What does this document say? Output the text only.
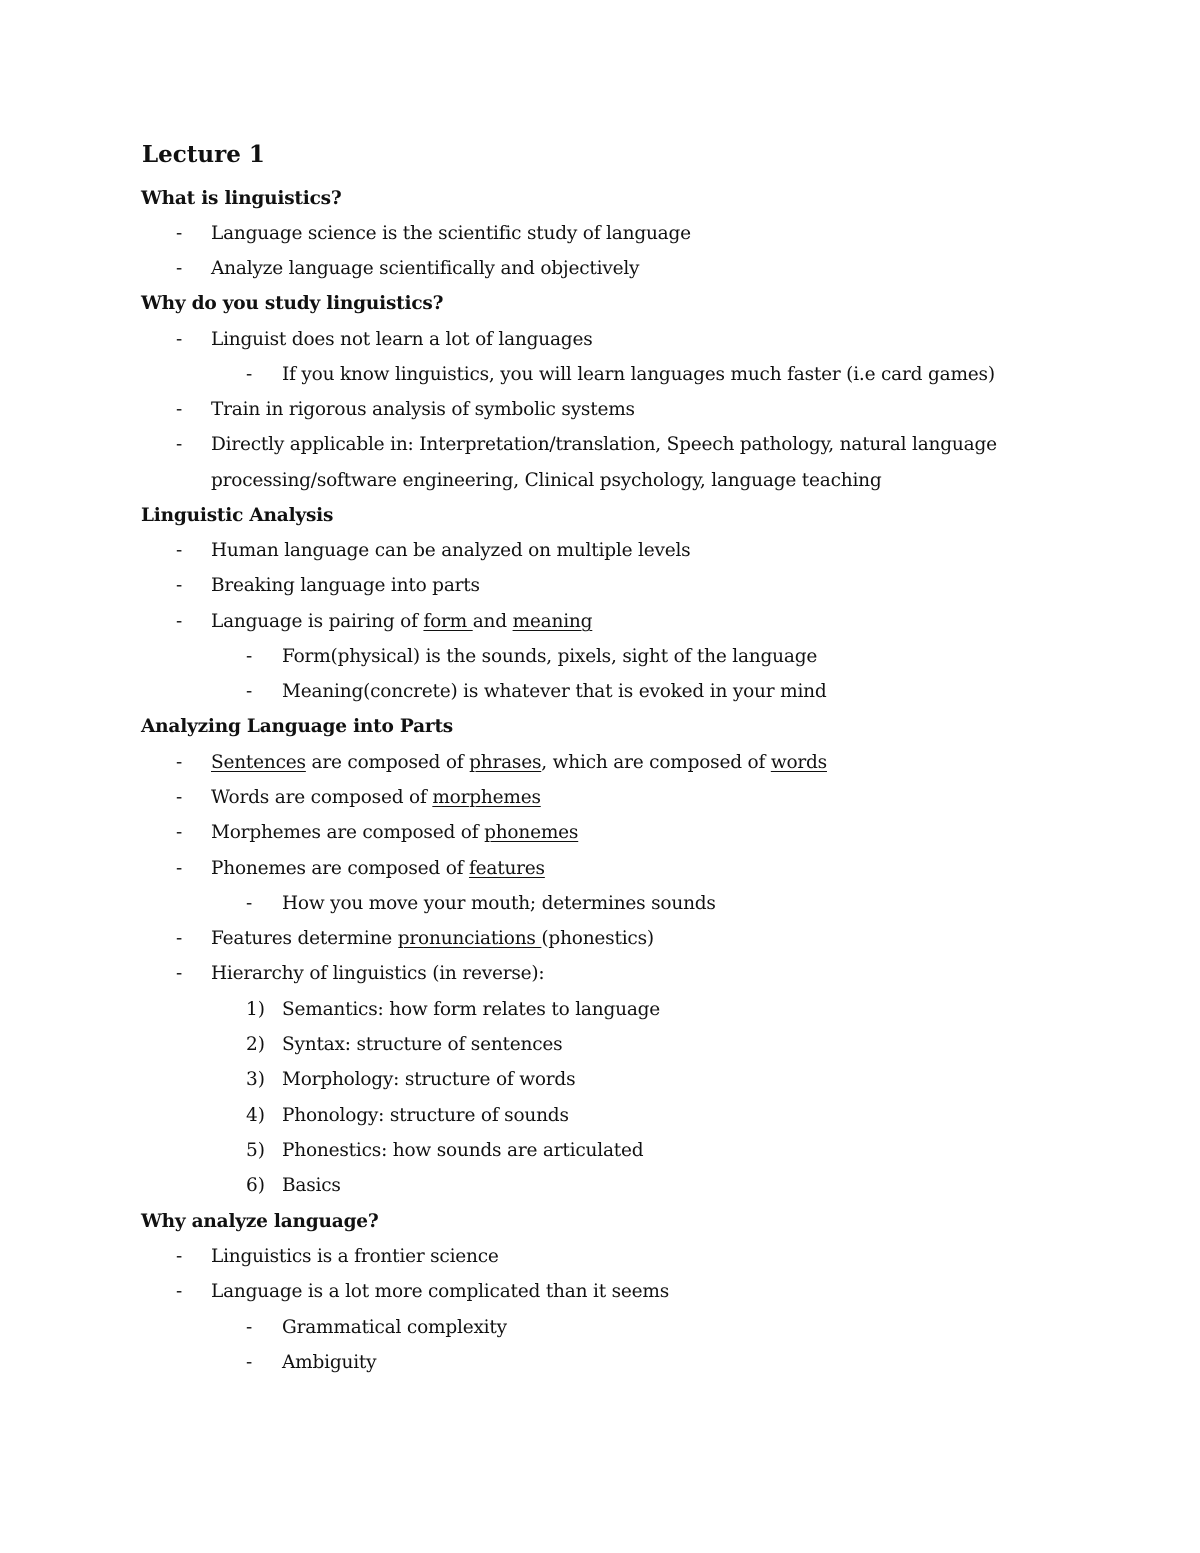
Lecture 1
What is linguistics?
- Language science is the scientific study of language
- Analyze language scientifically and objectively
Why do you study linguistics?
- Linguist does not learn a lot of languages
- If you know linguistics, you will learn languages much faster (i.e card games)
- Train in rigorous analysis of symbolic systems
- Directly applicable in: Interpretation/translation, Speech pathology, natural language
processing/software engineering, Clinical psychology, language teaching
Linguistic Analysis
- Human language can be analyzed on multiple levels
- Breaking language into parts
- Language is pairing of form and meaning
- Form(physical) is the sounds, pixels, sight of the language
- Meaning(concrete) is whatever that is evoked in your mind
Analyzing Language into Parts
- Sentences are composed of phrases, which are composed of words
- Words are composed of morphemes
- Morphemes are composed of phonemes
- Phonemes are composed of features
- How you move your mouth; determines sounds
- Features determine pronunciations (phonestics)
- Hierarchy of linguistics (in reverse):
1) Semantics: how form relates to language
2) Syntax: structure of sentences
3) Morphology: structure of words
4) Phonology: structure of sounds
5) Phonestics: how sounds are articulated
6) Basics
Why analyze language?
- Linguistics is a frontier science
- Language is a lot more complicated than it seems
- Grammatical complexity
- Ambiguity
